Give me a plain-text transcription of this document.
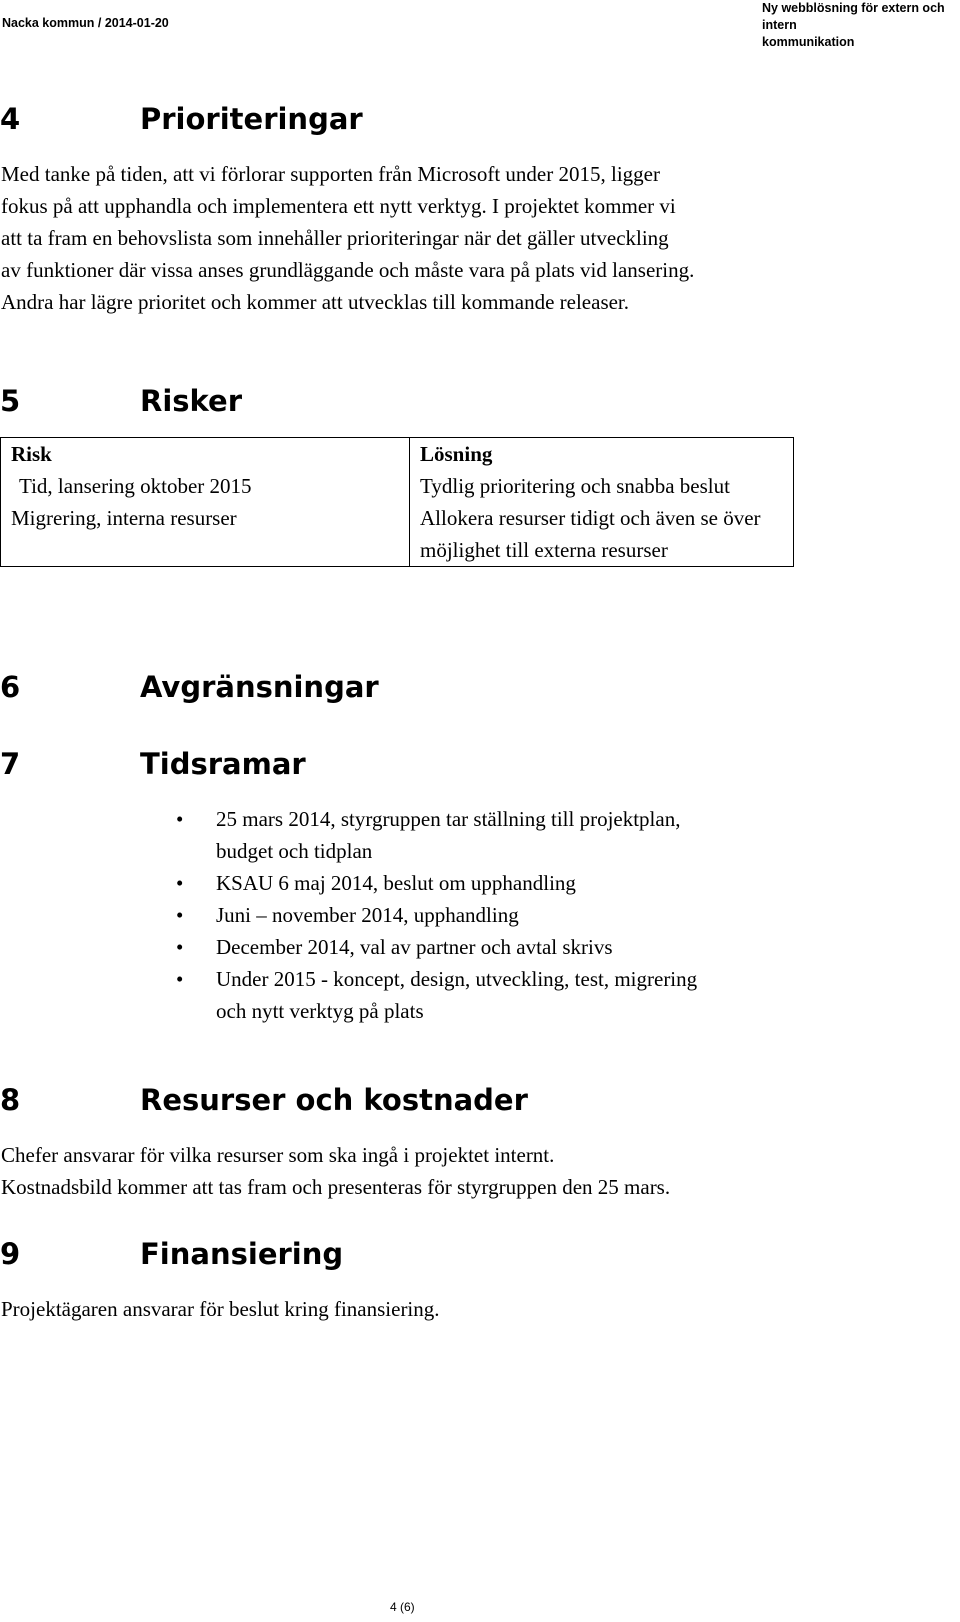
Nacka kommun / 2014-01-20
Ny webblösning för extern och intern
kommunikation
4	Prioriteringar
Med tanke på tiden, att vi förlorar supporten från Microsoft under 2015, ligger
fokus på att upphandla och implementera ett nytt verktyg. I projektet kommer vi
att ta fram en behovslista som innehåller prioriteringar när det gäller utveckling
av funktioner där vissa anses grundläggande och måste vara på plats vid lansering.
Andra har lägre prioritet och kommer att utvecklas till kommande releaser.
5	Risker
Risk	Lösning
Tid, lansering oktober 2015	Tydlig prioritering och snabba beslut
Migrering, interna resurser	Allokera resurser tidigt och även se över möjlighet till externa resurser
6	Avgränsningar
7	Tidsramar
• 25 mars 2014, styrgruppen tar ställning till projektplan,
budget och tidplan
• KSAU 6 maj 2014, beslut om upphandling
• Juni – november 2014, upphandling
• December 2014, val av partner och avtal skrivs
• Under 2015 - koncept, design, utveckling, test, migrering
och nytt verktyg på plats
8	Resurser och kostnader
Chefer ansvarar för vilka resurser som ska ingå i projektet internt.
Kostnadsbild kommer att tas fram och presenteras för styrgruppen den 25 mars.
9	Finansiering
Projektägaren ansvarar för beslut kring finansiering.
4 (6)
